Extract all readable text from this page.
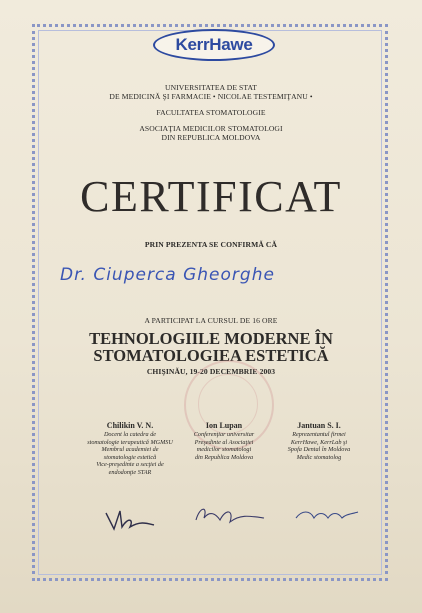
KerrHawe
UNIVERSITATEA DE STAT
DE MEDICINĂ ŞI FARMACIE • NICOLAE TESTEMIŢANU •
FACULTATEA STOMATOLOGIE
ASOCIAŢIA MEDICILOR STOMATOLOGI
DIN REPUBLICA MOLDOVA
CERTIFICAT
PRIN PREZENTA SE CONFIRMĂ CĂ
Dr. Ciuperca Gheorghe
A PARTICIPAT LA CURSUL DE 16 ORE
TEHNOLOGIILE MODERNE ÎN
STOMATOLOGIEA ESTETICĂ
CHIŞINĂU, 19-20 DECEMBRIE 2003
Chilikin V. N.
Docent la catedra de
stomatologie terapeutică MGMSU
Membrul academiei de
stomatologie estetică
Vice-preşedinte a secţiei de
endodonţie STAR
Ion Lupan
Conferenţiar universitar
Preşedinte al Asociaţiei
medicilor stomatologi
din Republica Moldova
Jantuan S. I.
Reprezentantul firmei
KerrHawe, KerrLab şi
Spofa Dental în Moldova
Medic stomatolog
